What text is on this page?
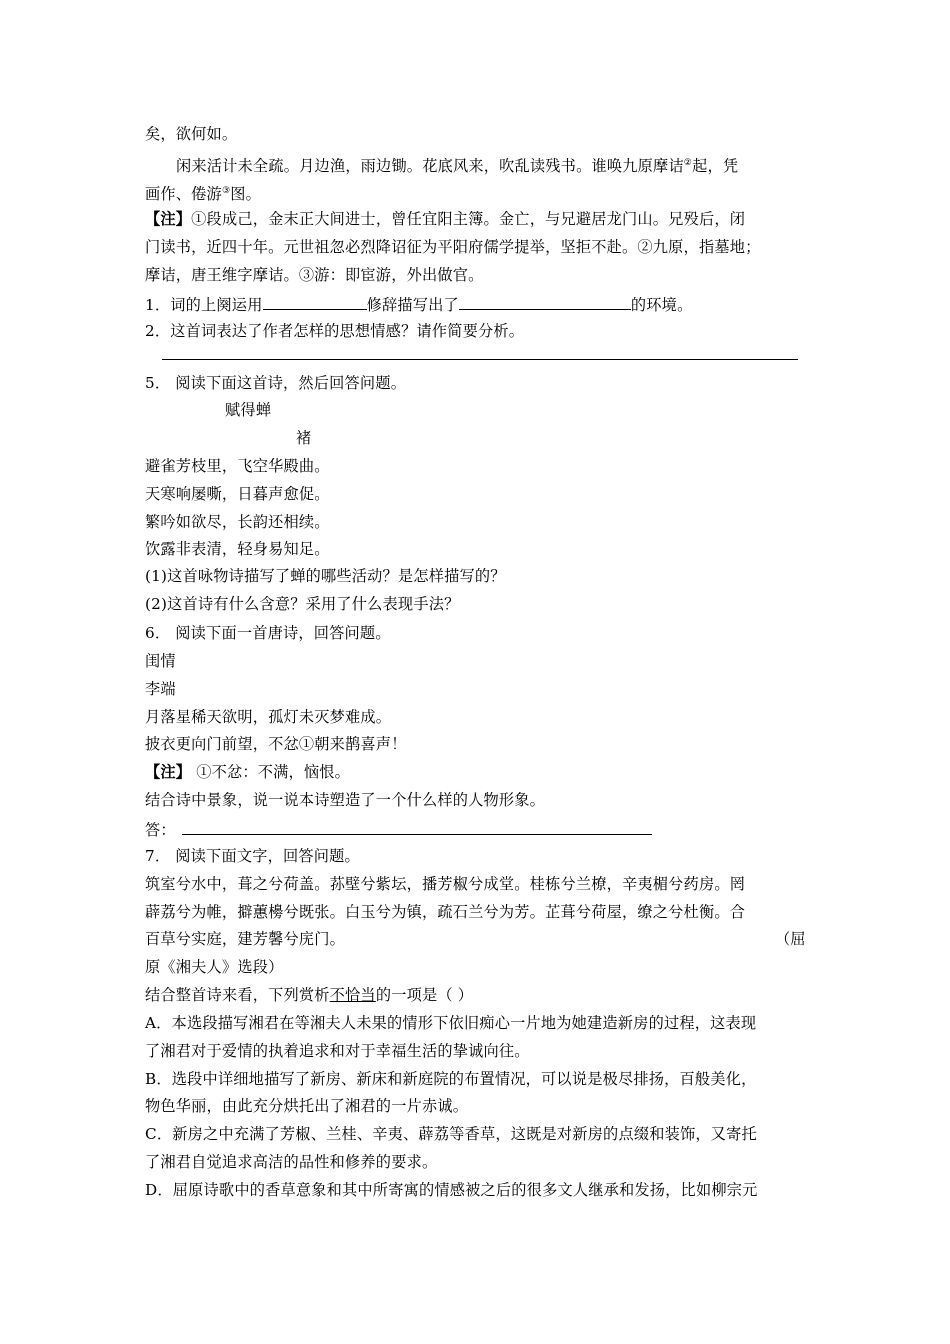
矣，欲何如。
闲来活计未全疏。月边渔，雨边锄。花底风来，吹乱读残书。谁唤九原摩诘②起，凭
画作、倦游③图。
【注】①段成己，金末正大间进士，曾任宜阳主簿。金亡，与兄避居龙门山。兄殁后，闭
门读书，近四十年。元世祖忽必烈降诏征为平阳府儒学提举，坚拒不赴。②九原，指墓地；
摩诘，唐王维字摩诘。③游：即宦游，外出做官。
1．词的上阕运用	修辞描写出了	的环境。
2．这首词表达了作者怎样的思想情感？请作简要分析。
5． 阅读下面这首诗，然后回答问题。
赋得蝉
褚
避雀芳枝里，飞空华殿曲。
天寒响屡嘶，日暮声愈促。
繁吟如欲尽，长韵还相续。
饮露非表清，轻身易知足。
(1)这首咏物诗描写了蝉的哪些活动？是怎样描写的？
(2)这首诗有什么含意？采用了什么表现手法？
6． 阅读下面一首唐诗，回答问题。
闺情
李端
月落星稀天欲明，孤灯未灭梦难成。
披衣更向门前望，不忿①朝来鹊喜声！
【注】 ①不忿：不满，恼恨。
结合诗中景象，说一说本诗塑造了一个什么样的人物形象。
答：
7． 阅读下面文字，回答问题。
筑室兮水中，葺之兮荷盖。荪壁兮紫坛，播芳椒兮成堂。桂栋兮兰橑，辛夷楣兮药房。罔
薜荔兮为帷，擗蕙櫋兮既张。白玉兮为镇，疏石兰兮为芳。芷葺兮荷屋，缭之兮杜衡。合
百草兮实庭，建芳馨兮庑门。	（屈
原《湘夫人》选段）
结合整首诗来看，下列赏析不恰当的一项是（ ）
A．本选段描写湘君在等湘夫人未果的情形下依旧痴心一片地为她建造新房的过程，这表现
了湘君对于爱情的执着追求和对于幸福生活的挚诚向往。
B．选段中详细地描写了新房、新床和新庭院的布置情况，可以说是极尽排扬，百般美化，
物色华丽，由此充分烘托出了湘君的一片赤诚。
C．新房之中充满了芳椒、兰桂、辛夷、薜荔等香草，这既是对新房的点缀和装饰，又寄托
了湘君自觉追求高洁的品性和修养的要求。
D．屈原诗歌中的香草意象和其中所寄寓的情感被之后的很多文人继承和发扬，比如柳宗元
